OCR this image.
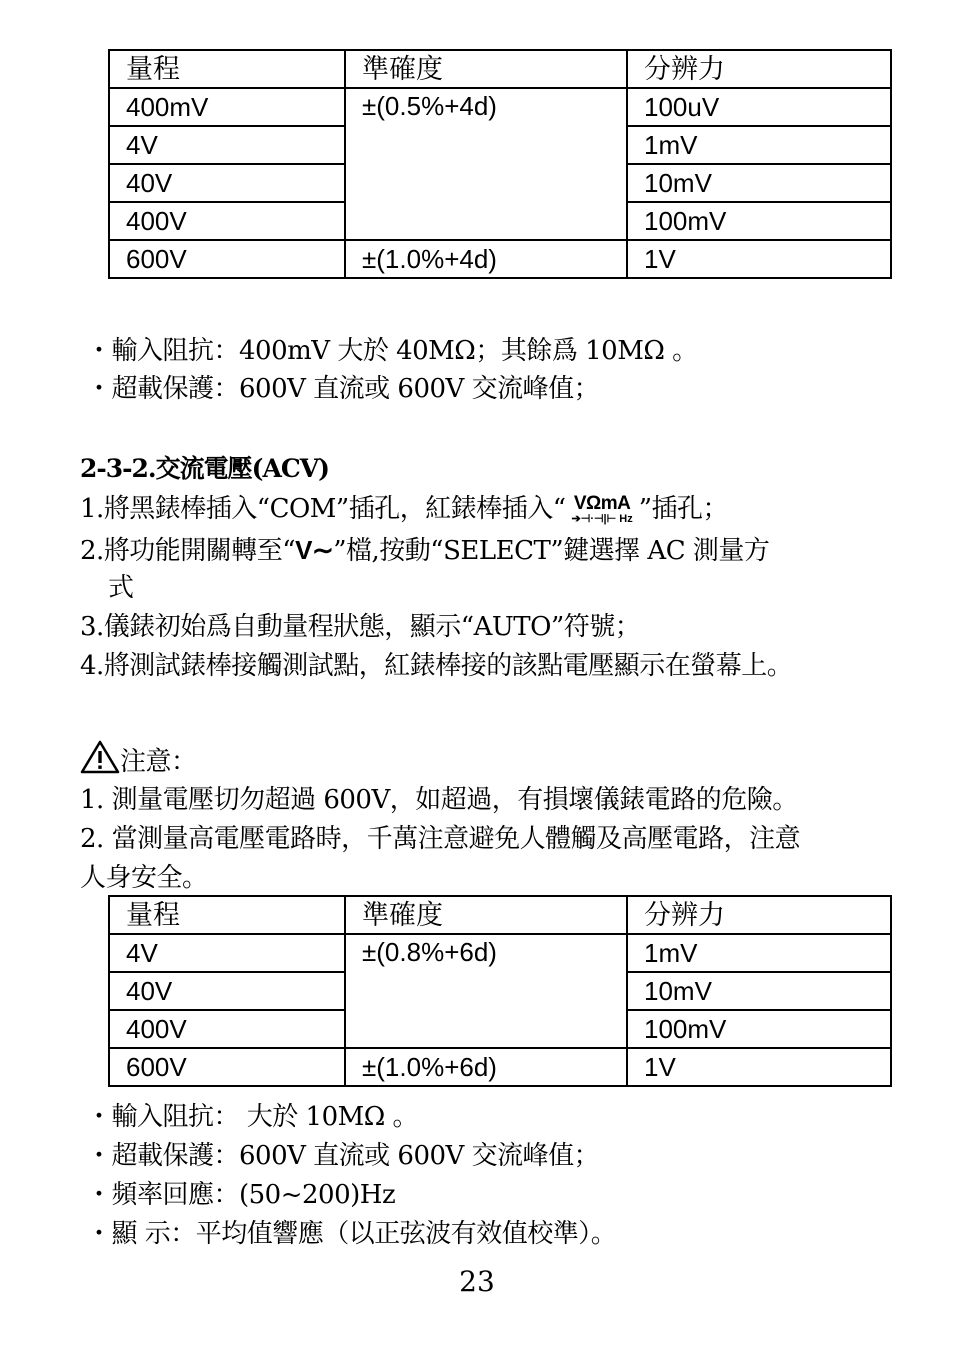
量程	準確度	分辨力
400mV	±(0.5%+4d)	100uV
4V		1mV
40V		10mV
400V		100mV
600V	±(1.0%+4d)	1V
・輸入阻抗：400mV 大於 40MΩ；其餘爲 10MΩ 。
・超載保護：600V 直流或 600V 交流峰值；
2-3-2.交流電壓(ACV)
1.將黑錶棒插入“COM”插孔，紅錶棒插入“ VΩmA
➔⊣·⊣|⊢ Hz ”插孔；
2.將功能開關轉至“V∼”檔,按動“SELECT”鍵選擇 AC 測量方
式
3.儀錶初始爲自動量程狀態，顯示“AUTO”符號；
4.將測試錶棒接觸測試點，紅錶棒接的該點電壓顯示在螢幕上。
注意：
1. 測量電壓切勿超過 600V，如超過，有損壞儀錶電路的危險。
2. 當測量高電壓電路時，千萬注意避免人體觸及高壓電路，注意
人身安全。
量程	準確度	分辨力
4V	±(0.8%+6d)	1mV
40V		10mV
400V		100mV
600V	±(1.0%+6d)	1V
・輸入阻抗： 大於 10MΩ 。
・超載保護：600V 直流或 600V 交流峰值；
・頻率回應：(50~200)Hz
・顯 示：平均值響應（以正弦波有效值校準）。
23
